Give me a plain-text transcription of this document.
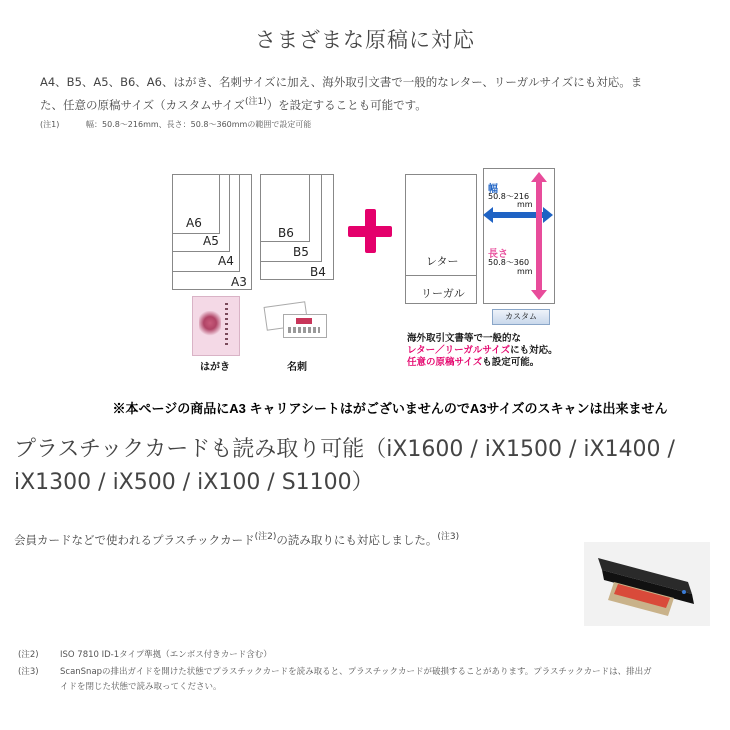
さまざまな原稿に対応
A4、B5、A5、B6、A6、はがき、名刺サイズに加え、海外取引文書で一般的なレター、リーガルサイズにも対応。ま
た、任意の原稿サイズ（カスタムサイズ$^{(注1)}$）を設定することも可能です。
(注1)	幅：50.8〜216mm、長さ：50.8〜360mmの範囲で設定可能
A6
A5
A4
A3
B6
B5
B4
レター
リーガル
幅
50.8〜216
mm
長さ
50.8〜360
mm
カスタム
はがき	名刺
海外取引文書等で一般的な
レター／リーガルサイズにも対応。
任意の原稿サイズも設定可能。
※本ページの商品にA3 キャリアシートはがございませんのでA3サイズのスキャンは出来ません
プラスチックカードも読み取り可能（iX1600 / iX1500 / iX1400 /
iX1300 / iX500 / iX100 / S1100）
会員カードなどで使われるプラスチックカード$^{(注2)}$の読み取りにも対応しました。$^{(注3)}$
(注2)	ISO 7810 ID-1タイプ準拠（エンボス付きカード含む）
(注3)	ScanSnapの排出ガイドを開けた状態でプラスチックカードを読み取ると、プラスチックカードが破損することがあります。プラスチックカードは、排出ガ
イドを閉じた状態で読み取ってください。
